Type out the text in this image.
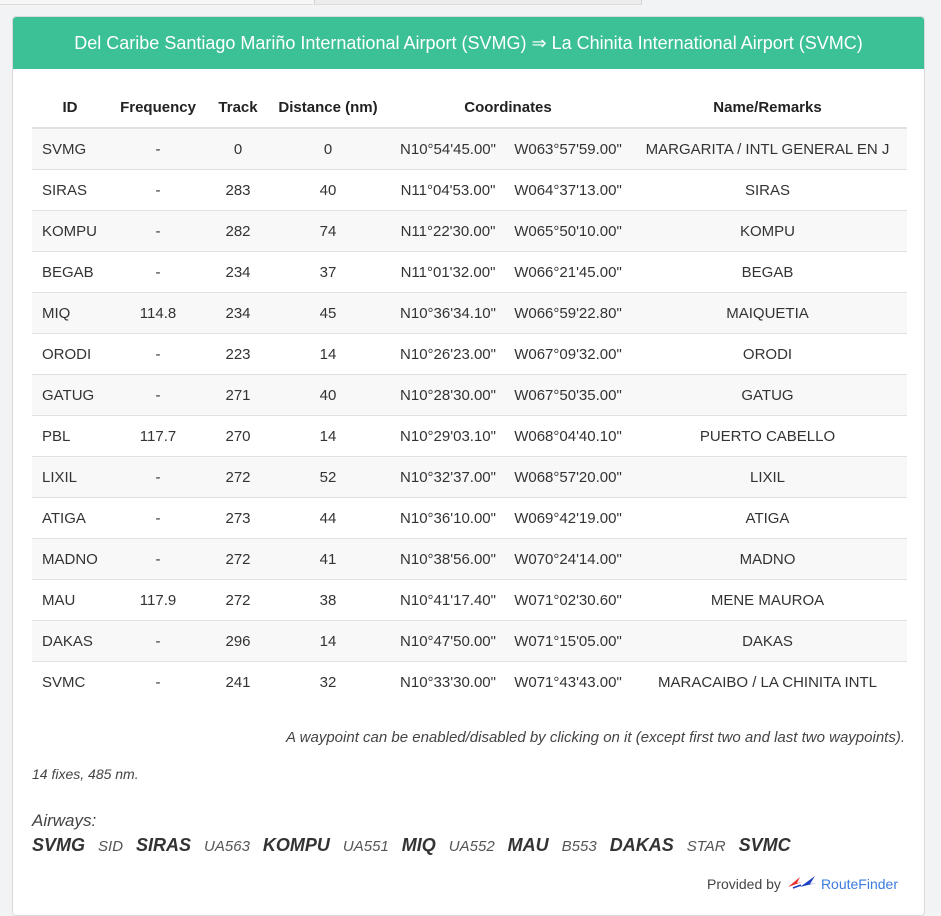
Del Caribe Santiago Mariño International Airport (SVMG) ⇒ La Chinita International Airport (SVMC)
ID	Frequency	Track	Distance (nm)	Coordinates		Name/Remarks
SVMG	-	0	0	N10°54'45.00"	W063°57'59.00"	MARGARITA / INTL GENERAL EN J
SIRAS	-	283	40	N11°04'53.00"	W064°37'13.00"	SIRAS
KOMPU	-	282	74	N11°22'30.00"	W065°50'10.00"	KOMPU
BEGAB	-	234	37	N11°01'32.00"	W066°21'45.00"	BEGAB
MIQ	114.8	234	45	N10°36'34.10"	W066°59'22.80"	MAIQUETIA
ORODI	-	223	14	N10°26'23.00"	W067°09'32.00"	ORODI
GATUG	-	271	40	N10°28'30.00"	W067°50'35.00"	GATUG
PBL	117.7	270	14	N10°29'03.10"	W068°04'40.10"	PUERTO CABELLO
LIXIL	-	272	52	N10°32'37.00"	W068°57'20.00"	LIXIL
ATIGA	-	273	44	N10°36'10.00"	W069°42'19.00"	ATIGA
MADNO	-	272	41	N10°38'56.00"	W070°24'14.00"	MADNO
MAU	117.9	272	38	N10°41'17.40"	W071°02'30.60"	MENE MAUROA
DAKAS	-	296	14	N10°47'50.00"	W071°15'05.00"	DAKAS
SVMC	-	241	32	N10°33'30.00"	W071°43'43.00"	MARACAIBO / LA CHINITA INTL
A waypoint can be enabled/disabled by clicking on it (except first two and last two waypoints).
14 fixes, 485 nm.
Airways:
SVMG SID SIRAS UA563 KOMPU UA551 MIQ UA552 MAU B553 DAKAS STAR SVMC
Provided by	RouteFinder
